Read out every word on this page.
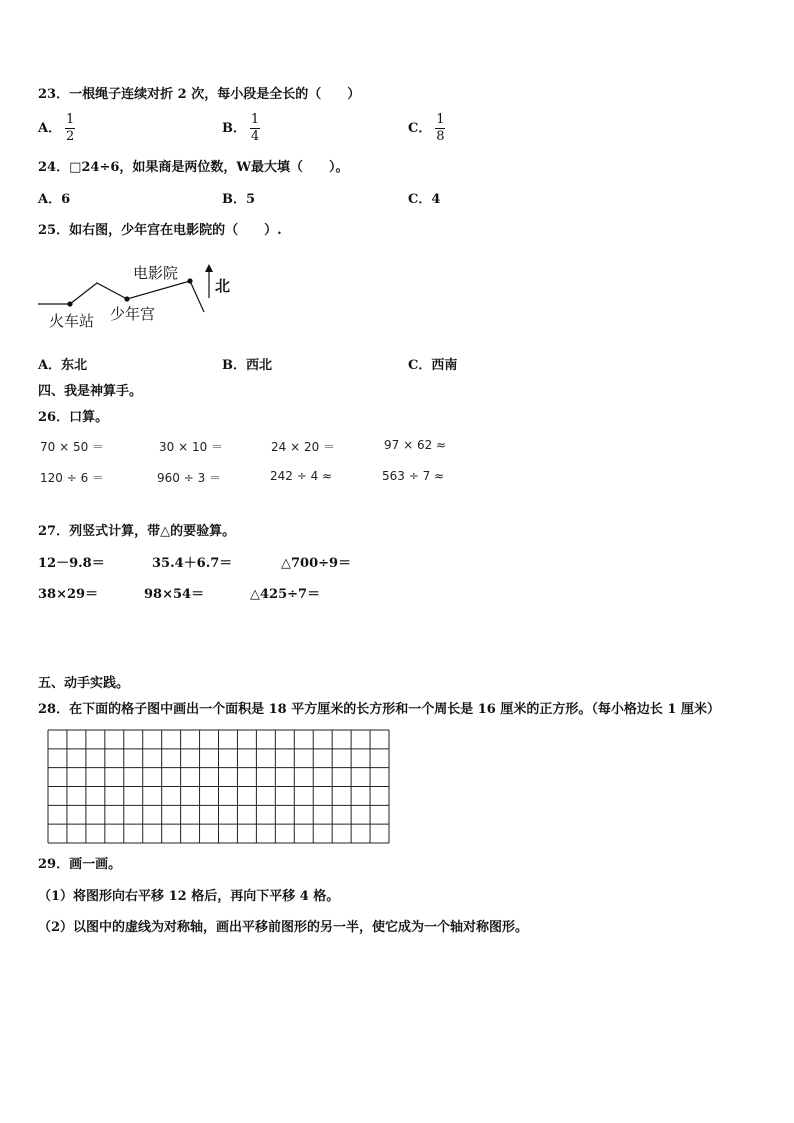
23．一根绳子连续对折 2 次，每小段是全长的（　　）
A． $\frac{1}{2}$	B． $\frac{1}{4}$	C． $\frac{1}{8}$
24．□24÷6，如果商是两位数，W最大填（　　）。
A．6	B．5	C．4
25．如右图，少年宫在电影院的（　　）.
电影院
火车站 少年宫
北
A．东北	B．西北	C．西南
四、我是神算手。
26．口算。
70 × 50 ＝	30 × 10 ＝	24 × 20 ＝	97 × 62 ≈
120 ÷ 6 ＝	960 ÷ 3 ＝	242 ÷ 4 ≈	563 ÷ 7 ≈
27．列竖式计算，带△的要验算。
12－9.8＝	35.4＋6.7＝	△700÷9＝
38×29＝	98×54＝	△425÷7＝
五、动手实践。
28．在下面的格子图中画出一个面积是 18 平方厘米的长方形和一个周长是 16 厘米的正方形。（每小格边长 1 厘米）
29．画一画。
（1）将图形向右平移 12 格后，再向下平移 4 格。
（2）以图中的虚线为对称轴，画出平移前图形的另一半，使它成为一个轴对称图形。
